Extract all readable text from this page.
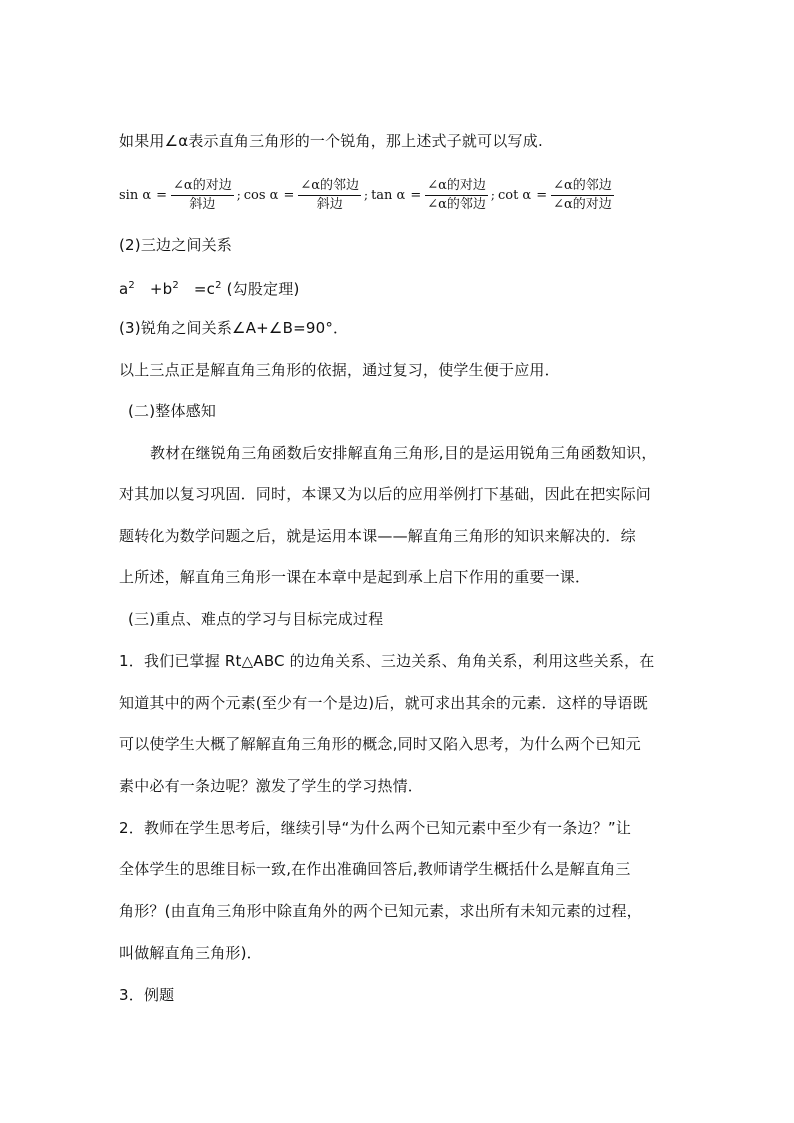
如果用∠α表示直角三角形的一个锐角，那上述式子就可以写成.
$\sin \alpha = \frac{\text{∠α的对边}}{\text{斜边}}$ ; $\cos \alpha = \frac{\text{∠α的邻边}}{\text{斜边}}$ ; $\tan \alpha = \frac{\text{∠α的对边}}{\text{∠α的邻边}}$ ; $\cot \alpha = \frac{\text{∠α的邻边}}{\text{∠α的对边}}$
(2)三边之间关系
$a^2 +b^2 =c^2$ (勾股定理)
(3)锐角之间关系∠A+∠B=90°．
以上三点正是解直角三角形的依据，通过复习，使学生便于应用．
(二)整体感知
教材在继锐角三角函数后安排解直角三角形,目的是运用锐角三角函数知识，
对其加以复习巩固．同时，本课又为以后的应用举例打下基础，因此在把实际问
题转化为数学问题之后，就是运用本课——解直角三角形的知识来解决的．综
上所述，解直角三角形一课在本章中是起到承上启下作用的重要一课．
(三)重点、难点的学习与目标完成过程
1．我们已掌握 Rt△ABC 的边角关系、三边关系、角角关系，利用这些关系，在
知道其中的两个元素(至少有一个是边)后，就可求出其余的元素．这样的导语既
可以使学生大概了解解直角三角形的概念,同时又陷入思考，为什么两个已知元
素中必有一条边呢？激发了学生的学习热情．
2．教师在学生思考后，继续引导“为什么两个已知元素中至少有一条边？”让
全体学生的思维目标一致,在作出准确回答后,教师请学生概括什么是解直角三
角形？(由直角三角形中除直角外的两个已知元素，求出所有未知元素的过程，
叫做解直角三角形)．
3．例题
